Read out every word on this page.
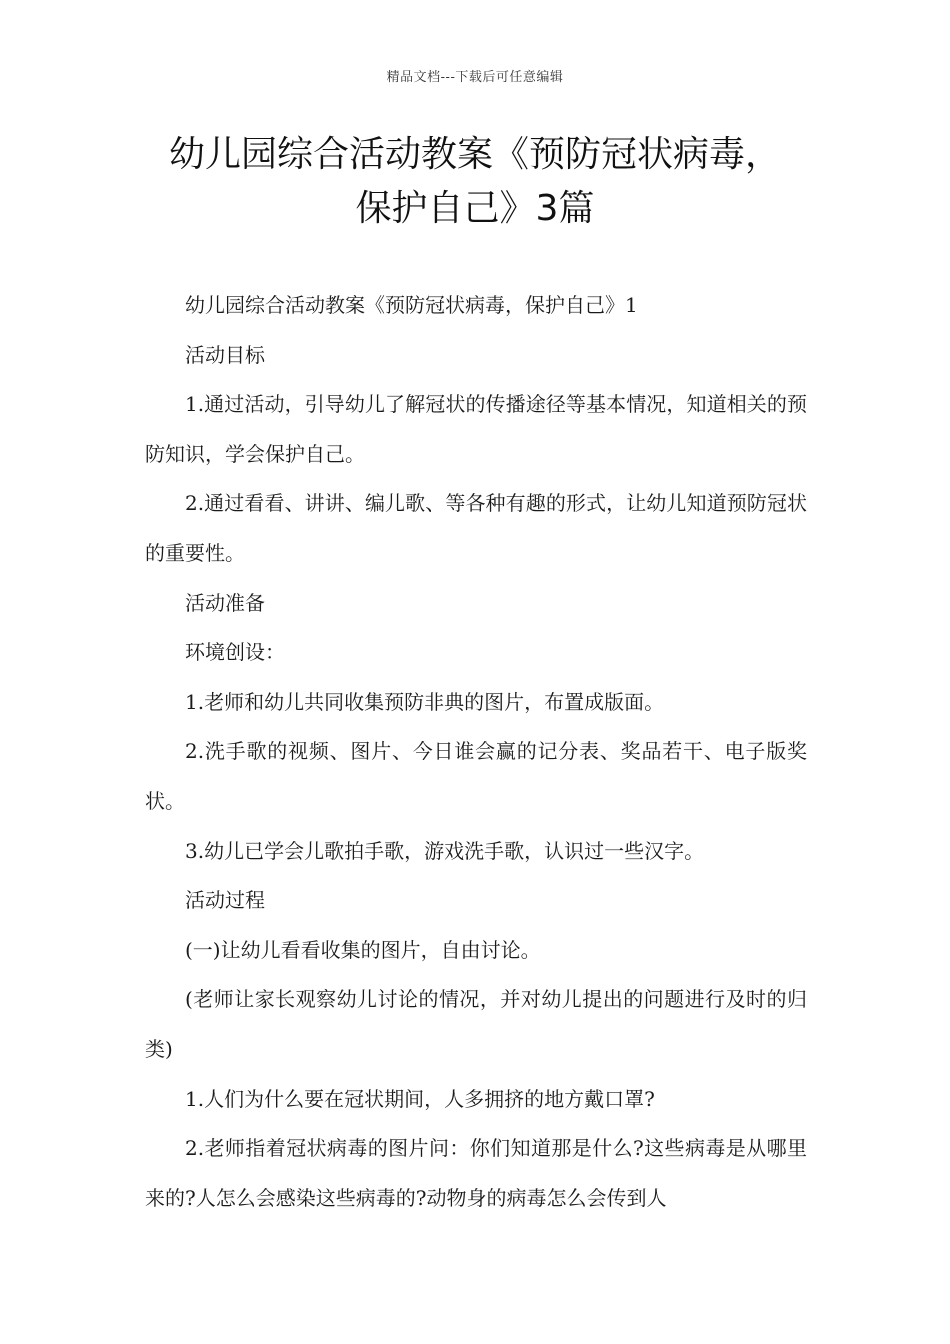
精品文档---下载后可任意编辑
幼儿园综合活动教案《预防冠状病毒，
保护自己》3篇

幼儿园综合活动教案《预防冠状病毒，保护自己》1

活动目标

1.通过活动，引导幼儿了解冠状的传播途径等基本情况，知道相关的预防知识，学会保护自己。

2.通过看看、讲讲、编儿歌、等各种有趣的形式，让幼儿知道预防冠状的重要性。

活动准备

环境创设：

1.老师和幼儿共同收集预防非典的图片，布置成版面。

2.洗手歌的视频、图片、今日谁会赢的记分表、奖品若干、电子版奖状。

3.幼儿已学会儿歌拍手歌，游戏洗手歌，认识过一些汉字。

活动过程

(一)让幼儿看看收集的图片，自由讨论。

(老师让家长观察幼儿讨论的情况，并对幼儿提出的问题进行及时的归类)

1.人们为什么要在冠状期间，人多拥挤的地方戴口罩?

2.老师指着冠状病毒的图片问：你们知道那是什么?这些病毒是从哪里来的?人怎么会感染这些病毒的?动物身的病毒怎么会传到人
